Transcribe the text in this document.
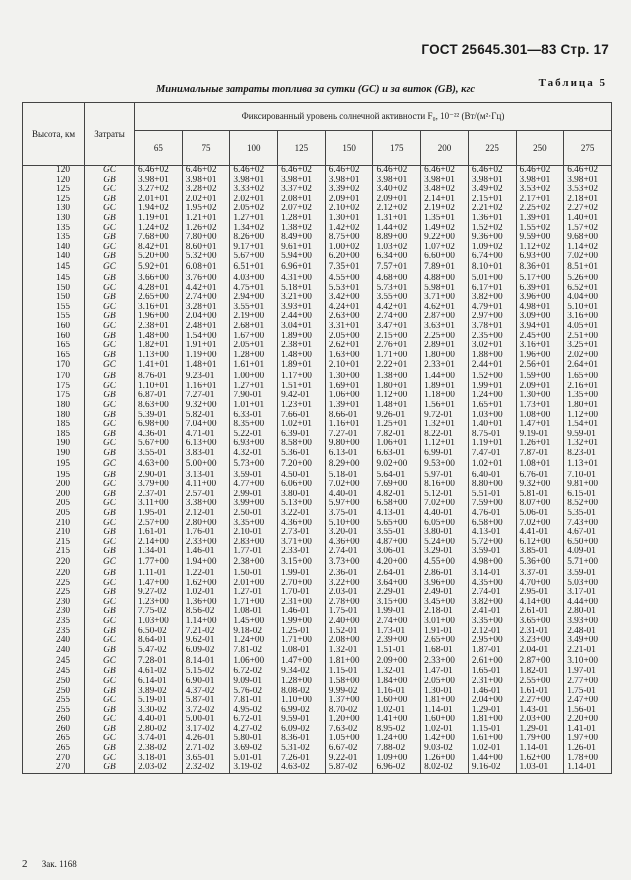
ГОСТ 25645.301—83 Стр. 17
Таблица 5
Минимальные затраты топлива за сутки (GC) и за виток (GB), кгс
Высота, км	Затраты	Фиксированный уровень солнечной активности F₀, 10⁻²² (Вт/(м²·Гц)									
		65	75	100	125	150	175	200	225	250	275
120	GC	6.46+02	6.46+02	6.46+02	6.46+02	6.46+02	6.46+02	6.46+02	6.46+02	6.46+02	6.46+02
120	GB	3.98+01	3.98+01	3.98+01	3.98+01	3.98+01	3.98+01	3.98+01	3.98+01	3.98+01	3.98+01
125	GC	3.27+02	3.28+02	3.33+02	3.37+02	3.39+02	3.40+02	3.48+02	3.49+02	3.53+02	3.53+02
125	GB	2.01+01	2.02+01	2.02+01	2.08+01	2.09+01	2.09+01	2.14+01	2.15+01	2.17+01	2.18+01
130	GC	1.94+02	1.95+02	2.05+02	2.07+02	2.10+02	2.12+02	2.19+02	2.21+02	2.25+02	2.27+02
130	GB	1.19+01	1.21+01	1.27+01	1.28+01	1.30+01	1.31+01	1.35+01	1.36+01	1.39+01	1.40+01
135	GC	1.24+02	1.26+02	1.34+02	1.38+02	1.42+02	1.44+02	1.49+02	1.52+02	1.55+02	1.57+02
135	GB	7.68+00	7.80+00	8.26+00	8.49+00	8.75+00	8.89+00	9.22+00	9.36+00	9.59+00	9.68+00
140	GC	8.42+01	8.60+01	9.17+01	9.61+01	1.00+02	1.03+02	1.07+02	1.09+02	1.12+02	1.14+02
140	GB	5.20+00	5.32+00	5.67+00	5.94+00	6.20+00	6.34+00	6.60+00	6.74+00	6.93+00	7.02+00
145	GC	5.92+01	6.08+01	6.51+01	6.96+01	7.35+01	7.57+01	7.89+01	8.10+01	8.36+01	8.51+01
145	GB	3.66+00	3.76+00	4.03+00	4.31+00	4.55+00	4.68+00	4.88+00	5.01+00	5.17+00	5.26+00
150	GC	4.28+01	4.42+01	4.75+01	5.18+01	5.53+01	5.73+01	5.98+01	6.17+01	6.39+01	6.52+01
150	GB	2.65+00	2.74+00	2.94+00	3.21+00	3.42+00	3.55+00	3.71+00	3.82+00	3.96+00	4.04+00
155	GC	3.16+01	3.28+01	3.55+01	3.93+01	4.24+01	4.42+01	4.62+01	4.79+01	4.98+01	5.10+01
155	GB	1.96+00	2.04+00	2.19+00	2.44+00	2.63+00	2.74+00	2.87+00	2.97+00	3.09+00	3.16+00
160	GC	2.38+01	2.48+01	2.68+01	3.04+01	3.31+01	3.47+01	3.63+01	3.78+01	3.94+01	4.05+01
160	GB	1.48+00	1.54+00	1.67+00	1.89+00	2.05+00	2.15+00	2.25+00	2.35+00	2.45+00	2.51+00
165	GC	1.82+01	1.91+01	2.05+01	2.38+01	2.62+01	2.76+01	2.89+01	3.02+01	3.16+01	3.25+01
165	GB	1.13+00	1.19+00	1.28+00	1.48+00	1.63+00	1.71+00	1.80+00	1.88+00	1.96+00	2.02+00
170	GC	1.41+01	1.48+01	1.61+01	1.89+01	2.10+01	2.22+01	2.33+01	2.44+01	2.56+01	2.64+01
170	GB	8.76-01	9.23-01	1.00+00	1.17+00	1.30+00	1.38+00	1.44+00	1.52+00	1.59+00	1.65+00
175	GC	1.10+01	1.16+01	1.27+01	1.51+01	1.69+01	1.80+01	1.89+01	1.99+01	2.09+01	2.16+01
175	GB	6.87-01	7.27-01	7.90-01	9.42-01	1.06+00	1.12+00	1.18+00	1.24+00	1.30+00	1.35+00
180	GC	8.63+00	9.32+00	1.01+01	1.23+01	1.39+01	1.48+01	1.56+01	1.65+01	1.73+01	1.80+01
180	GB	5.39-01	5.82-01	6.33-01	7.66-01	8.66-01	9.26-01	9.72-01	1.03+00	1.08+00	1.12+00
185	GC	6.98+00	7.04+00	8.35+00	1.02+01	1.16+01	1.25+01	1.32+01	1.40+01	1.47+01	1.54+01
185	GB	4.36-01	4.71-01	5.22-01	6.39-01	7.27-01	7.82-01	8.22-01	8.75-01	9.19-01	9.59-01
190	GC	5.67+00	6.13+00	6.93+00	8.58+00	9.80+00	1.06+01	1.12+01	1.19+01	1.26+01	1.32+01
190	GB	3.55-01	3.83-01	4.32-01	5.36-01	6.13-01	6.63-01	6.99-01	7.47-01	7.87-01	8.23-01
195	GC	4.63+00	5.00+00	5.73+00	7.20+00	8.29+00	9.02+00	9.53+00	1.02+01	1.08+01	1.13+01
195	GB	2.90-01	3.13-01	3.59-01	4.50-01	5.18-01	5.64-01	5.97-01	6.40-01	6.76-01	7.10-01
200	GC	3.79+00	4.11+00	4.77+00	6.06+00	7.02+00	7.69+00	8.16+00	8.80+00	9.32+00	9.81+00
200	GB	2.37-01	2.57-01	2.99-01	3.80-01	4.40-01	4.82-01	5.12-01	5.51-01	5.81-01	6.15-01
205	GC	3.11+00	3.38+00	3.99+00	5.13+00	5.97+00	6.58+00	7.02+00	7.59+00	8.07+00	8.52+00
205	GB	1.95-01	2.12-01	2.50-01	3.22-01	3.75-01	4.13-01	4.40-01	4.76-01	5.06-01	5.35-01
210	GC	2.57+00	2.80+00	3.35+00	4.36+00	5.10+00	5.65+00	6.05+00	6.58+00	7.02+00	7.43+00
210	GB	1.61-01	1.76-01	2.10-01	2.73-01	3.20-01	3.55-01	3.80-01	4.13-01	4.41-01	4.67-01
215	GC	2.14+00	2.33+00	2.83+00	3.71+00	4.36+00	4.87+00	5.24+00	5.72+00	6.12+00	6.50+00
215	GB	1.34-01	1.46-01	1.77-01	2.33-01	2.74-01	3.06-01	3.29-01	3.59-01	3.85-01	4.09-01
220	GC	1.77+00	1.94+00	2.38+00	3.15+00	3.73+00	4.20+00	4.55+00	4.98+00	5.36+00	5.71+00
220	GB	1.11-01	1.22-01	1.50-01	1.99-01	2.36-01	2.64-01	2.86-01	3.14-01	3.37-01	3.59-01
225	GC	1.47+00	1.62+00	2.01+00	2.70+00	3.22+00	3.64+00	3.96+00	4.35+00	4.70+00	5.03+00
225	GB	9.27-02	1.02-01	1.27-01	1.70-01	2.03-01	2.29-01	2.49-01	2.74-01	2.95-01	3.17-01
230	GC	1.23+00	1.36+00	1.71+00	2.31+00	2.78+00	3.15+00	3.45+00	3.82+00	4.14+00	4.44+00
230	GB	7.75-02	8.56-02	1.08-01	1.46-01	1.75-01	1.99-01	2.18-01	2.41-01	2.61-01	2.80-01
235	GC	1.03+00	1.14+00	1.45+00	1.99+00	2.40+00	2.74+00	3.01+00	3.35+00	3.65+00	3.93+00
235	GB	6.50-02	7.21-02	9.18-02	1.25-01	1.52-01	1.73-01	1.91-01	2.12-01	2.31-01	2.48-01
240	GC	8.64-01	9.62-01	1.24+00	1.71+00	2.08+00	2.39+00	2.65+00	2.95+00	3.23+00	3.49+00
240	GB	5.47-02	6.09-02	7.81-02	1.08-01	1.32-01	1.51-01	1.68-01	1.87-01	2.04-01	2.21-01
245	GC	7.28-01	8.14-01	1.06+00	1.47+00	1.81+00	2.09+00	2.33+00	2.61+00	2.87+00	3.10+00
245	GB	4.61-02	5.15-02	6.72-02	9.34-02	1.15-01	1.32-01	1.47-01	1.65-01	1.82-01	1.97-01
250	GC	6.14-01	6.90-01	9.09-01	1.28+00	1.58+00	1.84+00	2.05+00	2.31+00	2.55+00	2.77+00
250	GB	3.89-02	4.37-02	5.76-02	8.08-02	9.99-02	1.16-01	1.30-01	1.46-01	1.61-01	1.75-01
255	GC	5.19-01	5.87-01	7.81-01	1.10+00	1.37+00	1.60+00	1.81+00	2.04+00	2.27+00	2.47+00
255	GB	3.30-02	3.72-02	4.95-02	6.99-02	8.70-02	1.02-01	1.14-01	1.29-01	1.43-01	1.56-01
260	GC	4.40-01	5.00-01	6.72-01	9.59-01	1.20+00	1.41+00	1.60+00	1.81+00	2.03+00	2.20+00
260	GB	2.80-02	3.17-02	4.27-02	6.09-02	7.63-02	8.95-02	1.02-01	1.15-01	1.29-01	1.41-01
265	GC	3.74-01	4.26-01	5.80-01	8.36-01	1.05+00	1.24+00	1.42+00	1.61+00	1.79+00	1.97+00
265	GB	2.38-02	2.71-02	3.69-02	5.31-02	6.67-02	7.88-02	9.03-02	1.02-01	1.14-01	1.26-01
270	GC	3.18-01	3.65-01	5.01-01	7.26-01	9.22-01	1.09+00	1.26+00	1.44+00	1.62+00	1.78+00
270	GB	2.03-02	2.32-02	3.19-02	4.63-02	5.87-02	6.96-02	8.02-02	9.16-02	1.03-01	1.14-01
2 Зак. 1168
